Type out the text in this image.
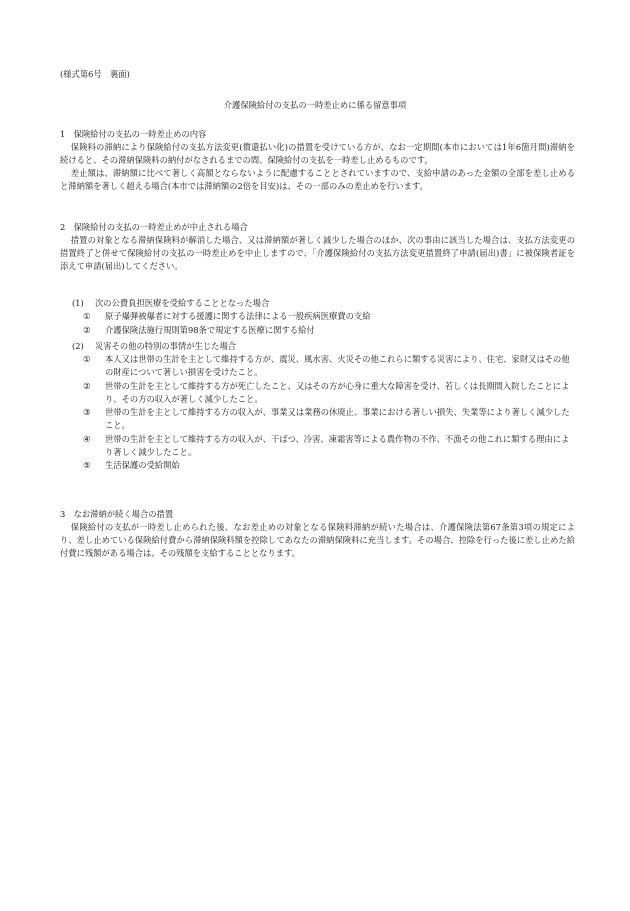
(様式第6号　裏面)
介護保険給付の支払の一時差止めに係る留意事項

1　保険給付の支払の一時差止めの内容

保険料の滞納により保険給付の支払方法変更(償還払い化)の措置を受けている方が、なお一定期間(本市においては1年6箇月間)滞納を続けると、その滞納保険料の納付がなされるまでの間、保険給付の支払を一時差し止めるものです。

差止額は、滞納額に比べて著しく高額とならないように配慮することとされていますので、支給申請のあった金額の全部を差し止めると滞納額を著しく超える場合(本市では滞納額の2倍を目安)は、その一部のみの差止めを行います。

2　保険給付の支払の一時差止めが中止される場合

措置の対象となる滞納保険料が解消した場合、又は滞納額が著しく減少した場合のほか、次の事由に該当した場合は、支払方法変更の措置終了と併せて保険給付の支払の一時差止めを中止しますので、「介護保険給付の支払方法変更措置終了申請(届出)書」に被保険者証を添えて申請(届出)してください。

(1) 次の公費負担医療を受給することとなった場合

① 原子爆弾被爆者に対する援護に関する法律による一般疾病医療費の支給
② 介護保険法施行規則第98条で規定する医療に関する給付

(2) 災害その他の特別の事情が生じた場合

① 本人又は世帯の生計を主として維持する方が、震災、風水害、火災その他これらに類する災害により、住宅、家財又はその他の財産について著しい損害を受けたこと。
② 世帯の生計を主として維持する方が死亡したこと、又はその方が心身に重大な障害を受け、若しくは長期間入院したことにより、その方の収入が著しく減少したこと。
③ 世帯の生計を主として維持する方の収入が、事業又は業務の休廃止、事業における著しい損失、失業等により著しく減少したこと。
④ 世帯の生計を主として維持する方の収入が、干ばつ、冷害、凍霜害等による農作物の不作、不漁その他これに類する理由により著しく減少したこと。
⑤ 生活保護の受給開始

3　なお滞納が続く場合の措置

保険給付の支払が一時差し止められた後、なお差止めの対象となる保険料滞納が続いた場合は、介護保険法第67条第3項の規定により、差し止めている保険給付費から滞納保険料額を控除してあなたの滞納保険料に充当します。その場合、控除を行った後に差し止めた給付費に残額がある場合は、その残額を支給することとなります。
